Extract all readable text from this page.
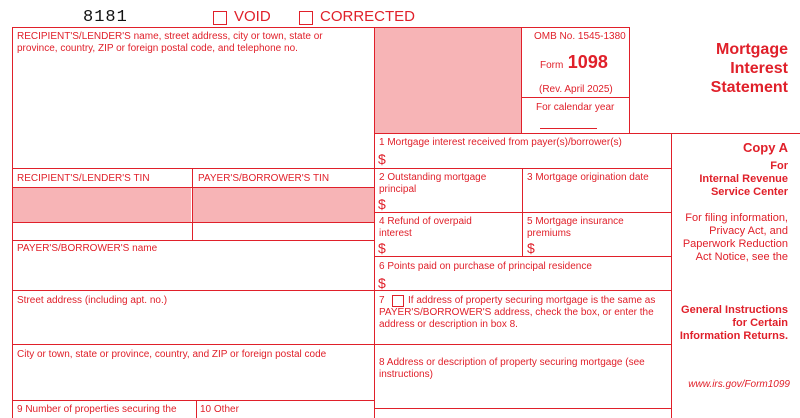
8181	VOID	CORRECTED
RECIPIENT'S/LENDER'S name, street address, city or town, state or province, country, ZIP or foreign postal code, and telephone no.
RECIPIENT'S/LENDER'S TIN	PAYER'S/BORROWER'S TIN
PAYER'S/BORROWER'S name
Street address (including apt. no.)
City or town, state or province, country, and ZIP or foreign postal code
9 Number of properties securing the 10 Other
OMB No. 1545-1380
Form 1098
(Rev. April 2025)
For calendar year
Mortgage
Interest
Statement
1 Mortgage interest received from payer(s)/borrower(s)
$
2 Outstanding mortgage principal
$
3 Mortgage origination date
4 Refund of overpaid interest
$
5 Mortgage insurance premiums
$
6 Points paid on purchase of principal residence
$
7	If address of property securing mortgage is the same as PAYER'S/BORROWER'S address, check the box, or enter the address or description in box 8.
8 Address or description of property securing mortgage (see instructions)
Copy A
For
Internal Revenue Service Center
For filing information, Privacy Act, and Paperwork Reduction Act Notice, see the
General Instructions for Certain Information Returns.
www.irs.gov/Form1099
